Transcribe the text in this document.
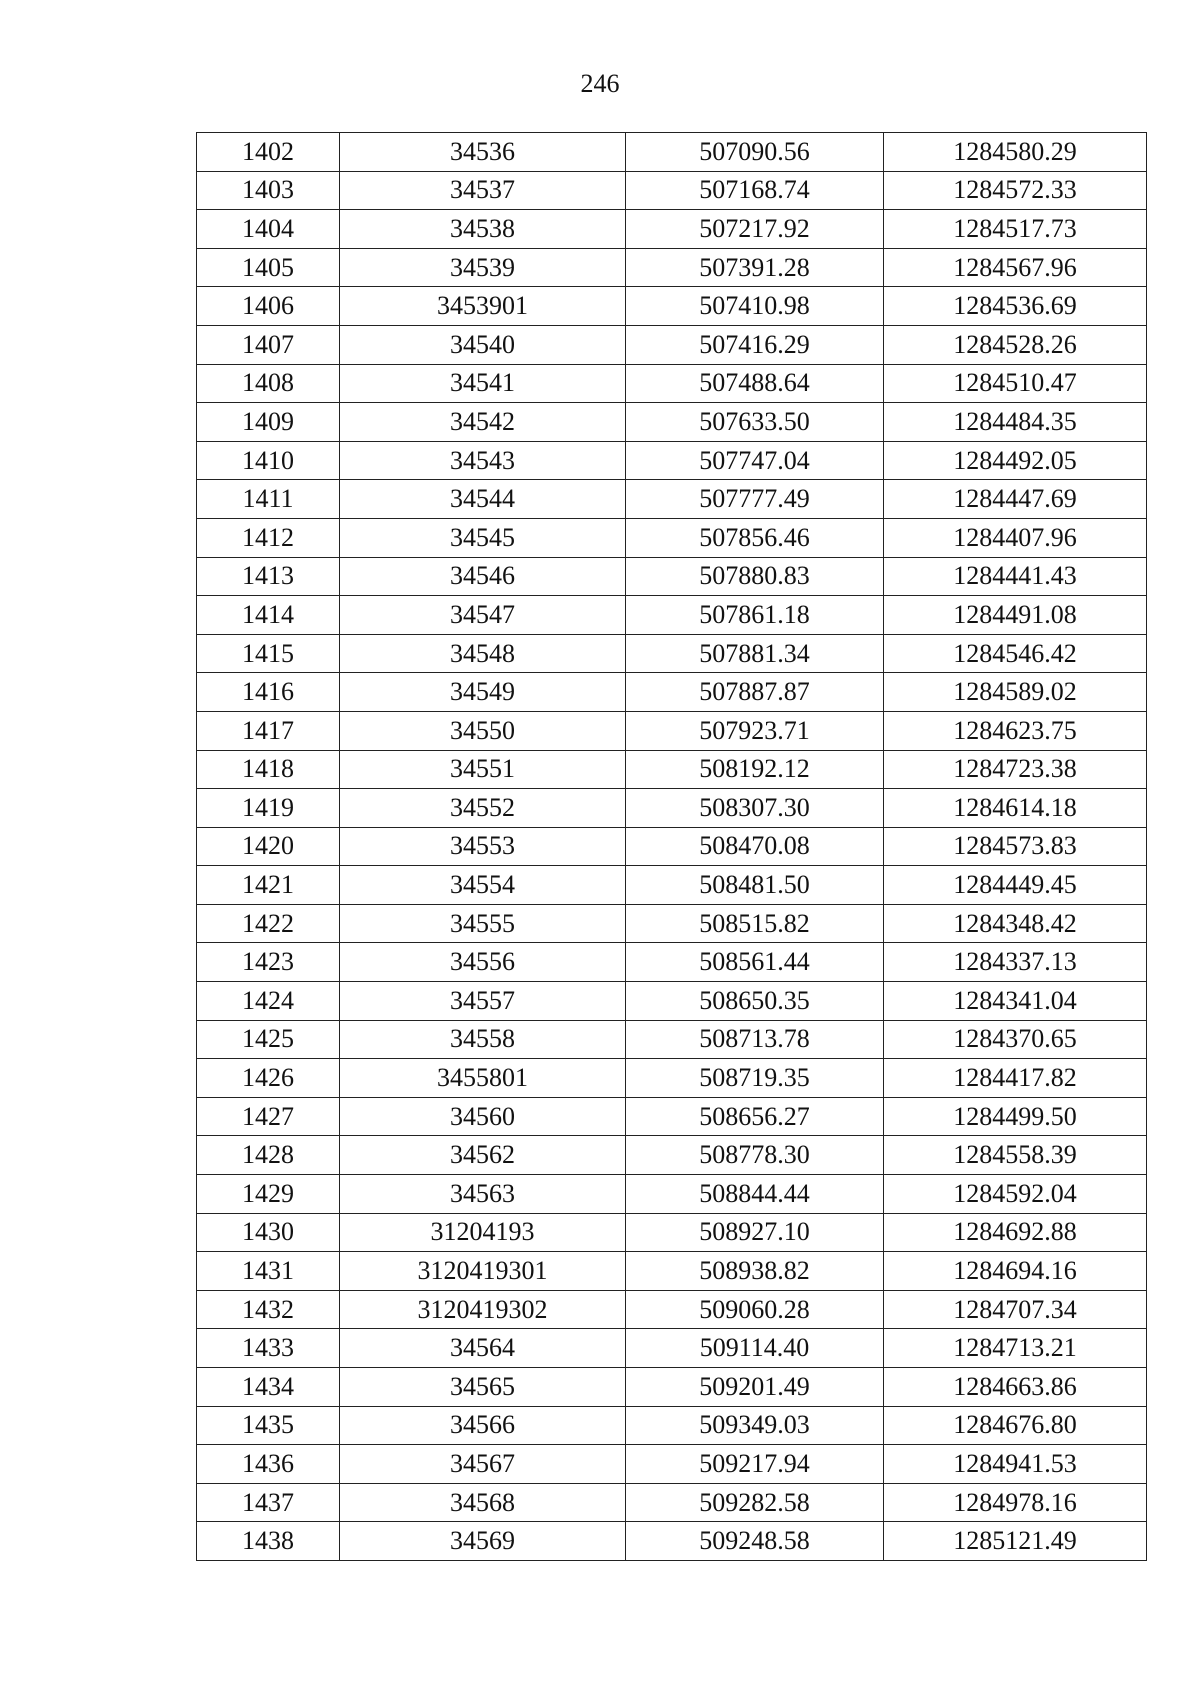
246
1402	34536	507090.56	1284580.29
1403	34537	507168.74	1284572.33
1404	34538	507217.92	1284517.73
1405	34539	507391.28	1284567.96
1406	3453901	507410.98	1284536.69
1407	34540	507416.29	1284528.26
1408	34541	507488.64	1284510.47
1409	34542	507633.50	1284484.35
1410	34543	507747.04	1284492.05
1411	34544	507777.49	1284447.69
1412	34545	507856.46	1284407.96
1413	34546	507880.83	1284441.43
1414	34547	507861.18	1284491.08
1415	34548	507881.34	1284546.42
1416	34549	507887.87	1284589.02
1417	34550	507923.71	1284623.75
1418	34551	508192.12	1284723.38
1419	34552	508307.30	1284614.18
1420	34553	508470.08	1284573.83
1421	34554	508481.50	1284449.45
1422	34555	508515.82	1284348.42
1423	34556	508561.44	1284337.13
1424	34557	508650.35	1284341.04
1425	34558	508713.78	1284370.65
1426	3455801	508719.35	1284417.82
1427	34560	508656.27	1284499.50
1428	34562	508778.30	1284558.39
1429	34563	508844.44	1284592.04
1430	31204193	508927.10	1284692.88
1431	3120419301	508938.82	1284694.16
1432	3120419302	509060.28	1284707.34
1433	34564	509114.40	1284713.21
1434	34565	509201.49	1284663.86
1435	34566	509349.03	1284676.80
1436	34567	509217.94	1284941.53
1437	34568	509282.58	1284978.16
1438	34569	509248.58	1285121.49
